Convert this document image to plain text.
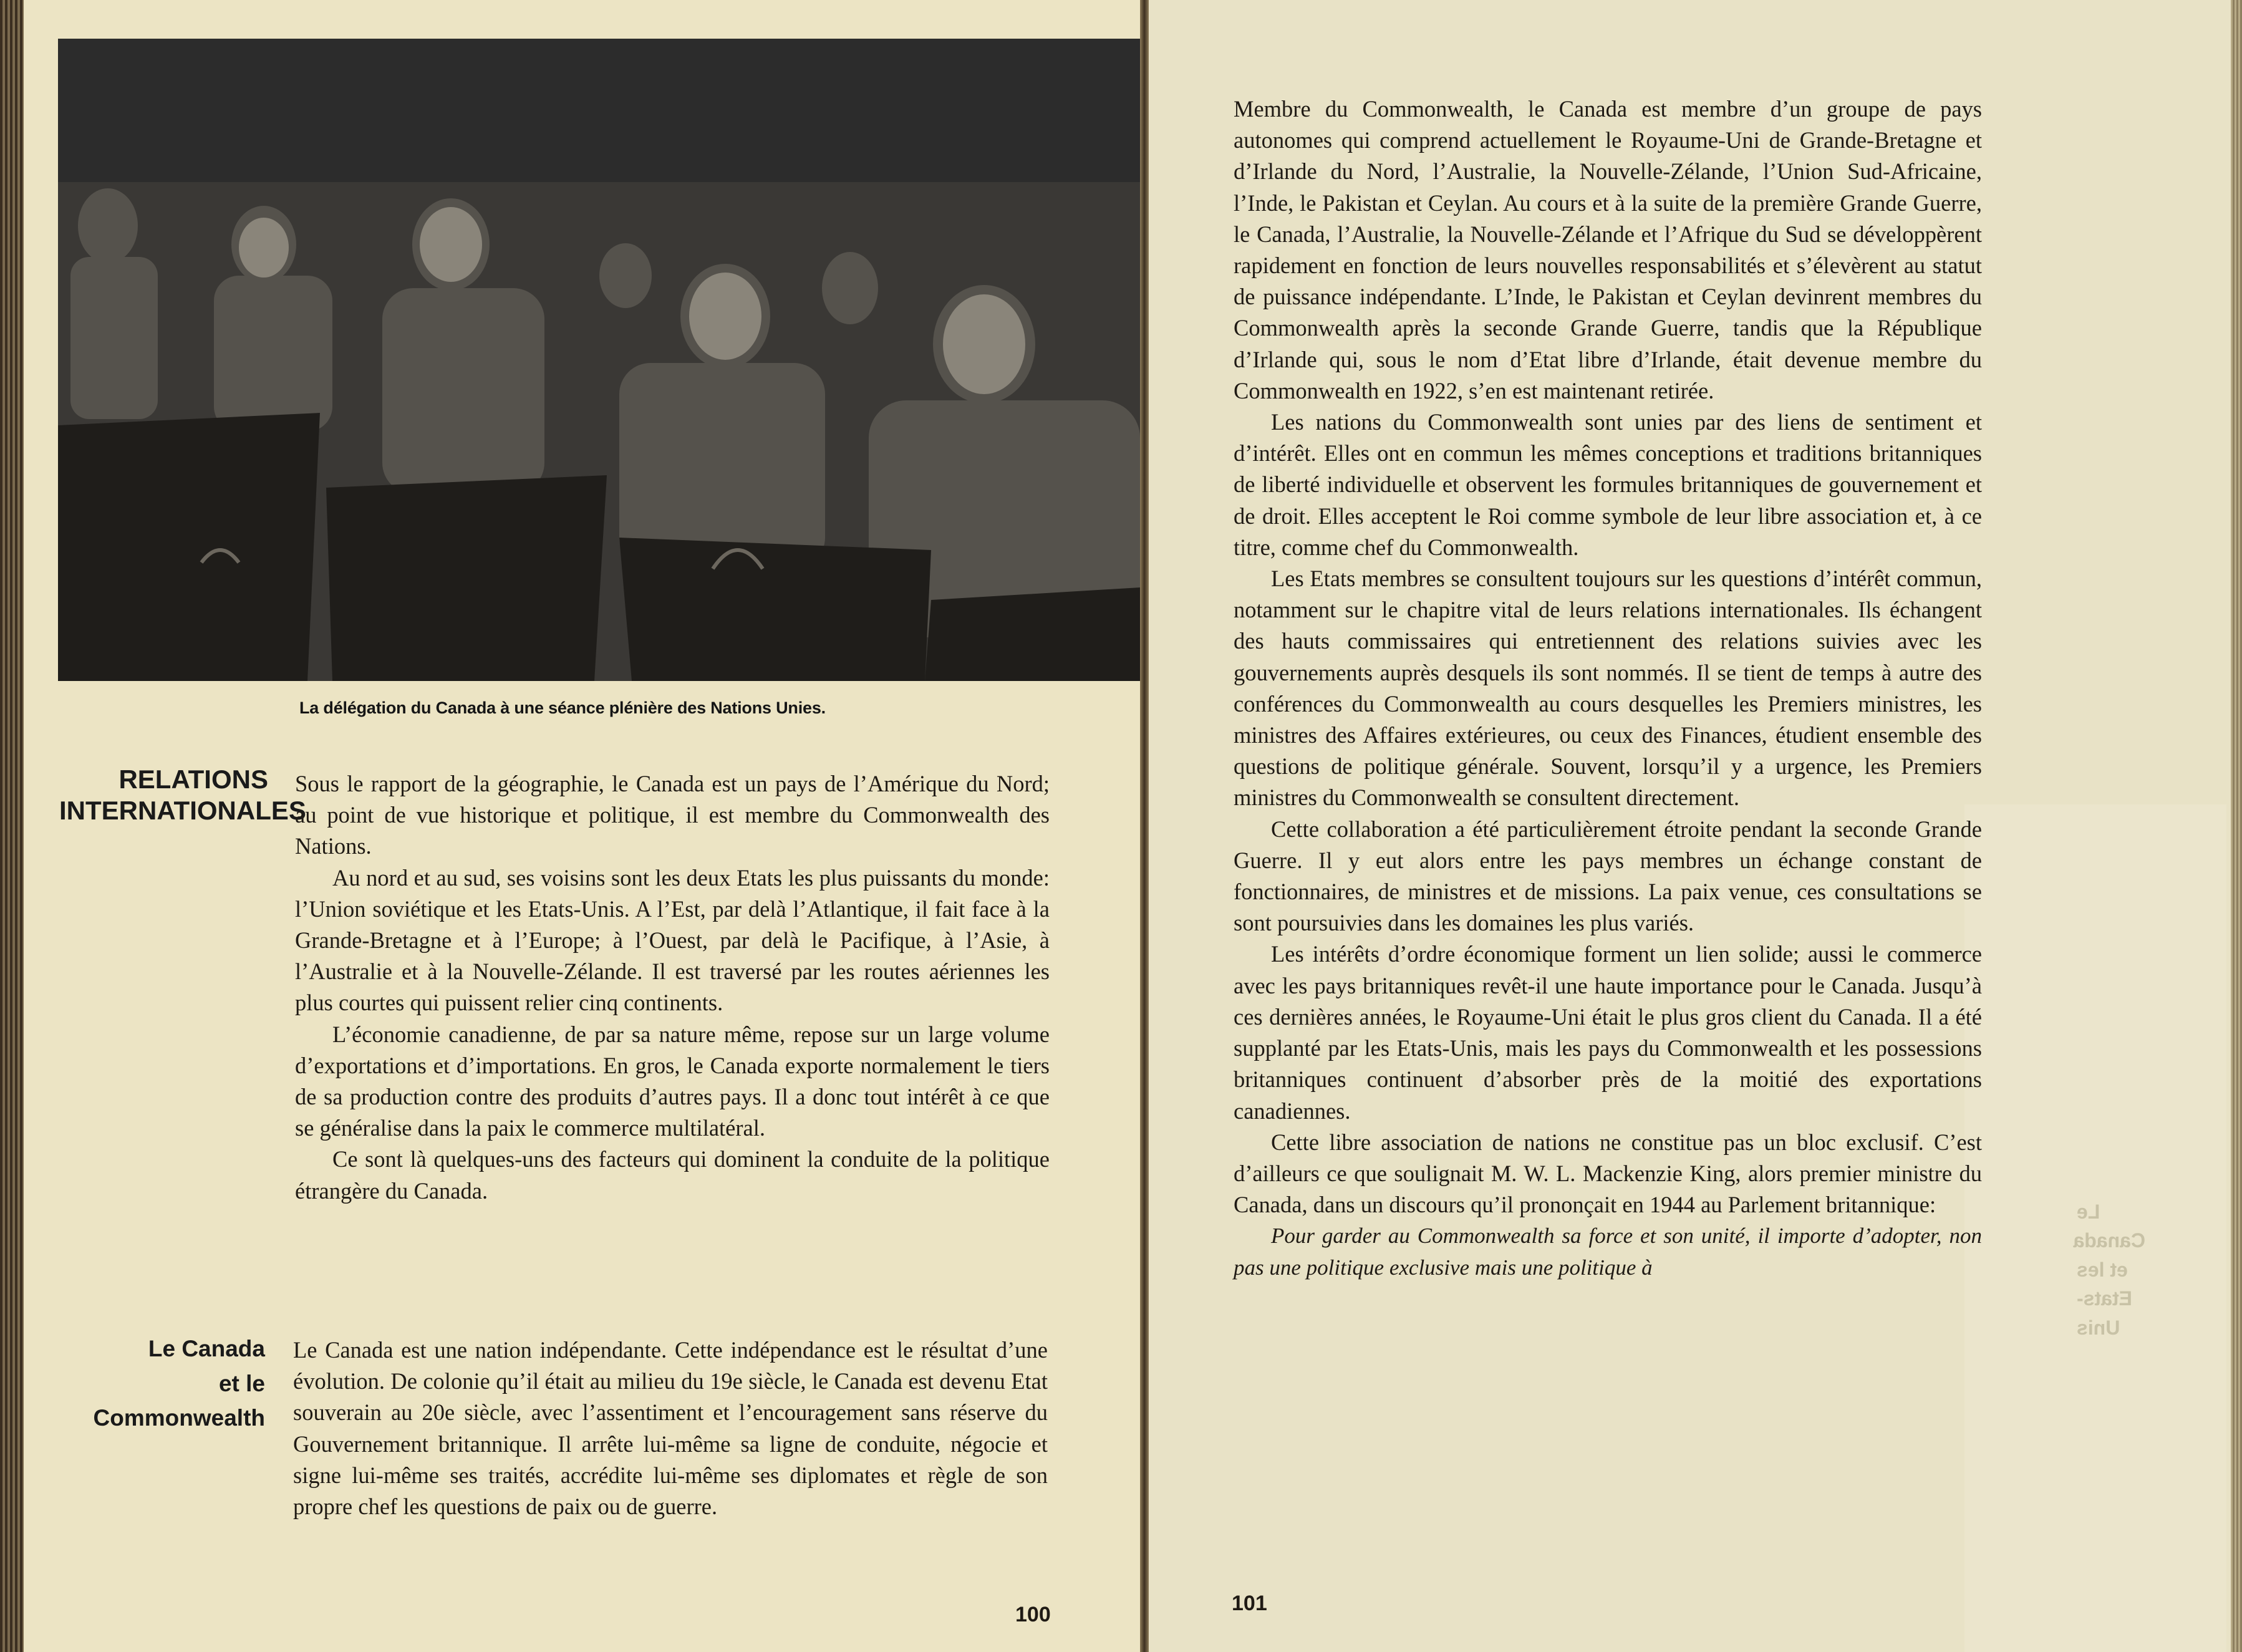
La délégation du Canada à une séance plénière des Nations Unies.
RELATIONS
INTERNATIONALES

Sous le rapport de la géographie, le Canada est un pays de l’Amérique du Nord; au point de vue historique et politique, il est membre du Commonwealth des Nations.

Au nord et au sud, ses voisins sont les deux Etats les plus puissants du monde: l’Union soviétique et les Etats-Unis. A l’Est, par delà l’Atlantique, il fait face à la Grande-Bretagne et à l’Europe; à l’Ouest, par delà le Pacifique, à l’Asie, à l’Australie et à la Nouvelle-Zélande. Il est traversé par les routes aériennes les plus courtes qui puissent relier cinq continents.

L’économie canadienne, de par sa nature même, repose sur un large volume d’exportations et d’importations. En gros, le Canada exporte normalement le tiers de sa production contre des produits d’autres pays. Il a donc tout intérêt à ce que se généralise dans la paix le commerce multilatéral.

Ce sont là quelques-uns des facteurs qui dominent la conduite de la politique étrangère du Canada.

Le Canada
et le
Commonwealth

Le Canada est une nation indépendante. Cette indépendance est le résultat d’une évolution. De colonie qu’il était au milieu du 19e siècle, le Canada est devenu Etat souverain au 20e siècle, avec l’assentiment et l’encouragement sans réserve du Gouvernement britannique. Il arrête lui-même sa ligne de conduite, négocie et signe lui-même ses traités, accrédite lui-même ses diplomates et règle de son propre chef les questions de paix ou de guerre.

100

Membre du Commonwealth, le Canada est membre d’un groupe de pays autonomes qui comprend actuellement le Royaume-Uni de Grande-Bretagne et d’Irlande du Nord, l’Australie, la Nouvelle-Zélande, l’Union Sud-Africaine, l’Inde, le Pakistan et Ceylan. Au cours et à la suite de la première Grande Guerre, le Canada, l’Australie, la Nouvelle-Zélande et l’Afrique du Sud se développèrent rapidement en fonction de leurs nouvelles responsabilités et s’élevèrent au statut de puissance indépendante. L’Inde, le Pakistan et Ceylan devinrent membres du Commonwealth après la seconde Grande Guerre, tandis que la République d’Irlande qui, sous le nom d’Etat libre d’Irlande, était devenue membre du Commonwealth en 1922, s’en est maintenant retirée.

Les nations du Commonwealth sont unies par des liens de sentiment et d’intérêt. Elles ont en commun les mêmes conceptions et traditions britanniques de liberté individuelle et observent les formules britanniques de gouvernement et de droit. Elles acceptent le Roi comme symbole de leur libre association et, à ce titre, comme chef du Commonwealth.

Les Etats membres se consultent toujours sur les questions d’intérêt commun, notamment sur le chapitre vital de leurs relations internationales. Ils échangent des hauts commissaires qui entretiennent des relations suivies avec les gouvernements auprès desquels ils sont nommés. Il se tient de temps à autre des conférences du Commonwealth au cours desquelles les Premiers ministres, les ministres des Affaires extérieures, ou ceux des Finances, étudient ensemble des questions de politique générale. Souvent, lorsqu’il y a urgence, les Premiers ministres du Commonwealth se consultent directement.

Cette collaboration a été particulièrement étroite pendant la seconde Grande Guerre. Il y eut alors entre les pays membres un échange constant de fonctionnaires, de ministres et de missions. La paix venue, ces consultations se sont poursuivies dans les domaines les plus variés.

Les intérêts d’ordre économique forment un lien solide; aussi le commerce avec les pays britanniques revêt-il une haute importance pour le Canada. Jusqu’à ces dernières années, le Royaume-Uni était le plus gros client du Canada. Il a été supplanté par les Etats-Unis, mais les pays du Commonwealth et les possessions britanniques continuent d’absorber près de la moitié des exportations canadiennes.

Cette libre association de nations ne constitue pas un bloc exclusif. C’est d’ailleurs ce que soulignait M. W. L. Mackenzie King, alors premier ministre du Canada, dans un discours qu’il prononçait en 1944 au Parlement britannique:

Pour garder au Commonwealth sa force et son unité, il importe d’adopter, non pas une politique exclusive mais une politique à

Le Canada
et les
Etats-Unis
101
